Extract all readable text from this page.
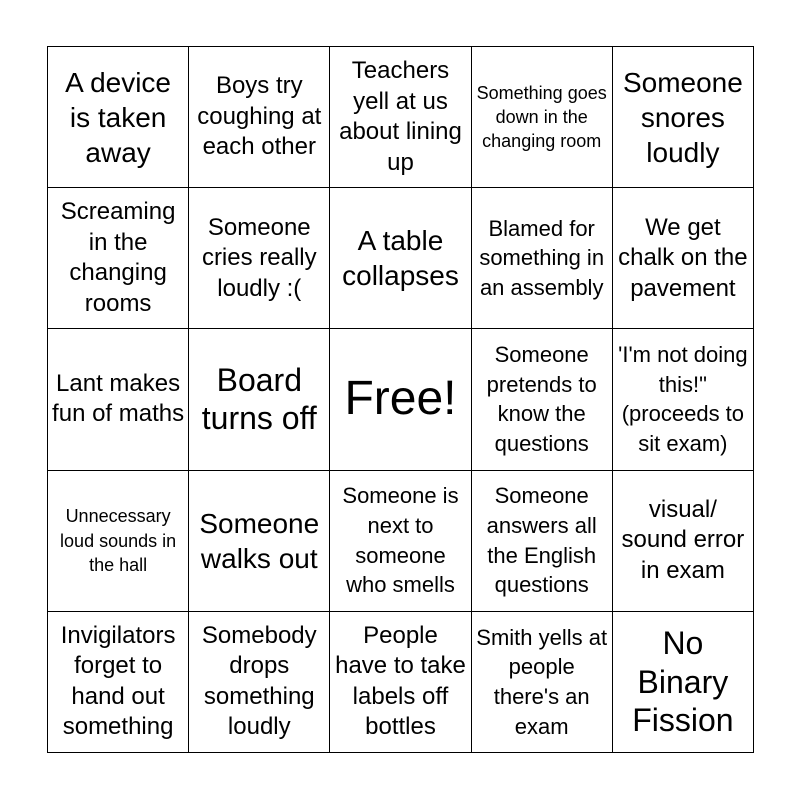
A device is taken away
Boys try coughing at each other
Teachers yell at us about lining up
Something goes down in the changing room
Someone snores loudly
Screaming in the changing rooms
Someone cries really loudly :(
A table collapses
Blamed for something in an assembly
We get chalk on the pavement
Lant makes fun of maths
Board turns off Free!
Someone pretends to know the questions
'I'm not doing this!" (proceeds to sit exam)
Unnecessary loud sounds in the hall
Someone walks out
Someone is next to someone who smells
Someone answers all the English questions
visual/ sound error in exam
Invigilators forget to hand out something
Somebody drops something loudly
People have to take labels off bottles
Smith yells at people there's an exam
No Binary Fission
